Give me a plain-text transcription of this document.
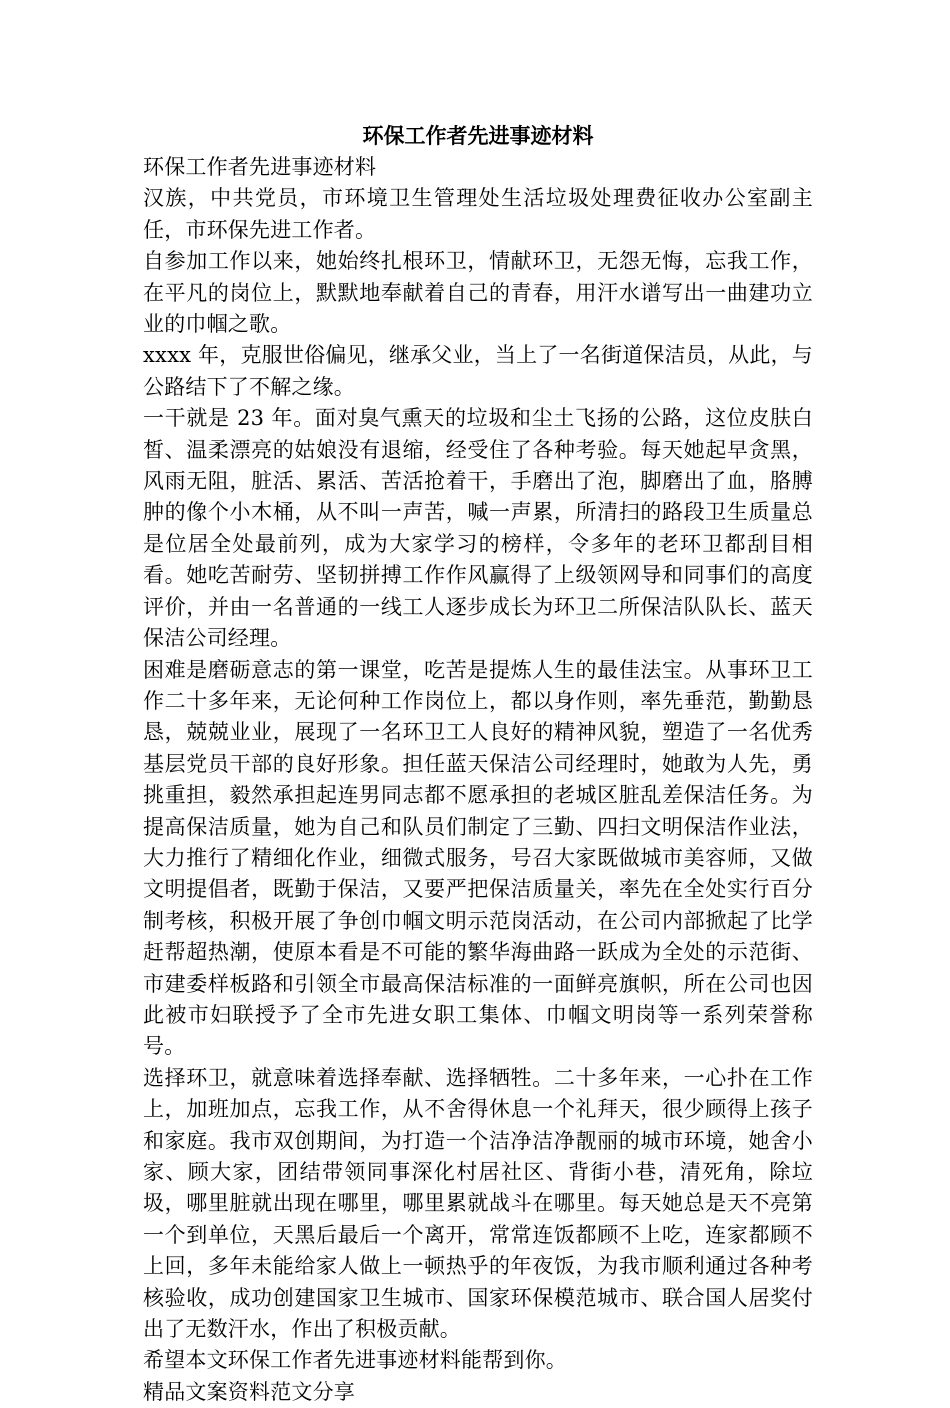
环保工作者先进事迹材料

环保工作者先进事迹材料

汉族，中共党员，市环境卫生管理处生活垃圾处理费征收办公室副主任，市环保先进工作者。

自参加工作以来，她始终扎根环卫，情献环卫，无怨无悔，忘我工作，在平凡的岗位上，默默地奉献着自己的青春，用汗水谱写出一曲建功立业的巾帼之歌。

xxxx 年，克服世俗偏见，继承父业，当上了一名街道保洁员，从此，与公路结下了不解之缘。

一干就是 23 年。面对臭气熏天的垃圾和尘土飞扬的公路，这位皮肤白皙、温柔漂亮的姑娘没有退缩，经受住了各种考验。每天她起早贪黑，风雨无阻，脏活、累活、苦活抢着干，手磨出了泡，脚磨出了血，胳膊肿的像个小木桶，从不叫一声苦，喊一声累，所清扫的路段卫生质量总是位居全处最前列，成为大家学习的榜样，令多年的老环卫都刮目相看。她吃苦耐劳、坚韧拼搏工作作风赢得了上级领网导和同事们的高度评价，并由一名普通的一线工人逐步成长为环卫二所保洁队队长、蓝天保洁公司经理。

困难是磨砺意志的第一课堂，吃苦是提炼人生的最佳法宝。从事环卫工作二十多年来，无论何种工作岗位上，都以身作则，率先垂范，勤勤恳恳，兢兢业业，展现了一名环卫工人良好的精神风貌，塑造了一名优秀基层党员干部的良好形象。担任蓝天保洁公司经理时，她敢为人先，勇挑重担，毅然承担起连男同志都不愿承担的老城区脏乱差保洁任务。为提高保洁质量，她为自己和队员们制定了三勤、四扫文明保洁作业法，大力推行了精细化作业，细微式服务，号召大家既做城市美容师，又做文明提倡者，既勤于保洁，又要严把保洁质量关，率先在全处实行百分制考核，积极开展了争创巾帼文明示范岗活动，在公司内部掀起了比学赶帮超热潮，使原本看是不可能的繁华海曲路一跃成为全处的示范街、市建委样板路和引领全市最高保洁标准的一面鲜亮旗帜，所在公司也因此被市妇联授予了全市先进女职工集体、巾帼文明岗等一系列荣誉称号。

选择环卫，就意味着选择奉献、选择牺牲。二十多年来，一心扑在工作上，加班加点，忘我工作，从不舍得休息一个礼拜天，很少顾得上孩子和家庭。我市双创期间，为打造一个洁净洁净靓丽的城市环境，她舍小家、顾大家，团结带领同事深化村居社区、背街小巷，清死角，除垃圾，哪里脏就出现在哪里，哪里累就战斗在哪里。每天她总是天不亮第一个到单位，天黑后最后一个离开，常常连饭都顾不上吃，连家都顾不上回，多年未能给家人做上一顿热乎的年夜饭，为我市顺利通过各种考核验收，成功创建国家卫生城市、国家环保模范城市、联合国人居奖付出了无数汗水，作出了积极贡献。

希望本文环保工作者先进事迹材料能帮到你。

精品文案资料范文分享
